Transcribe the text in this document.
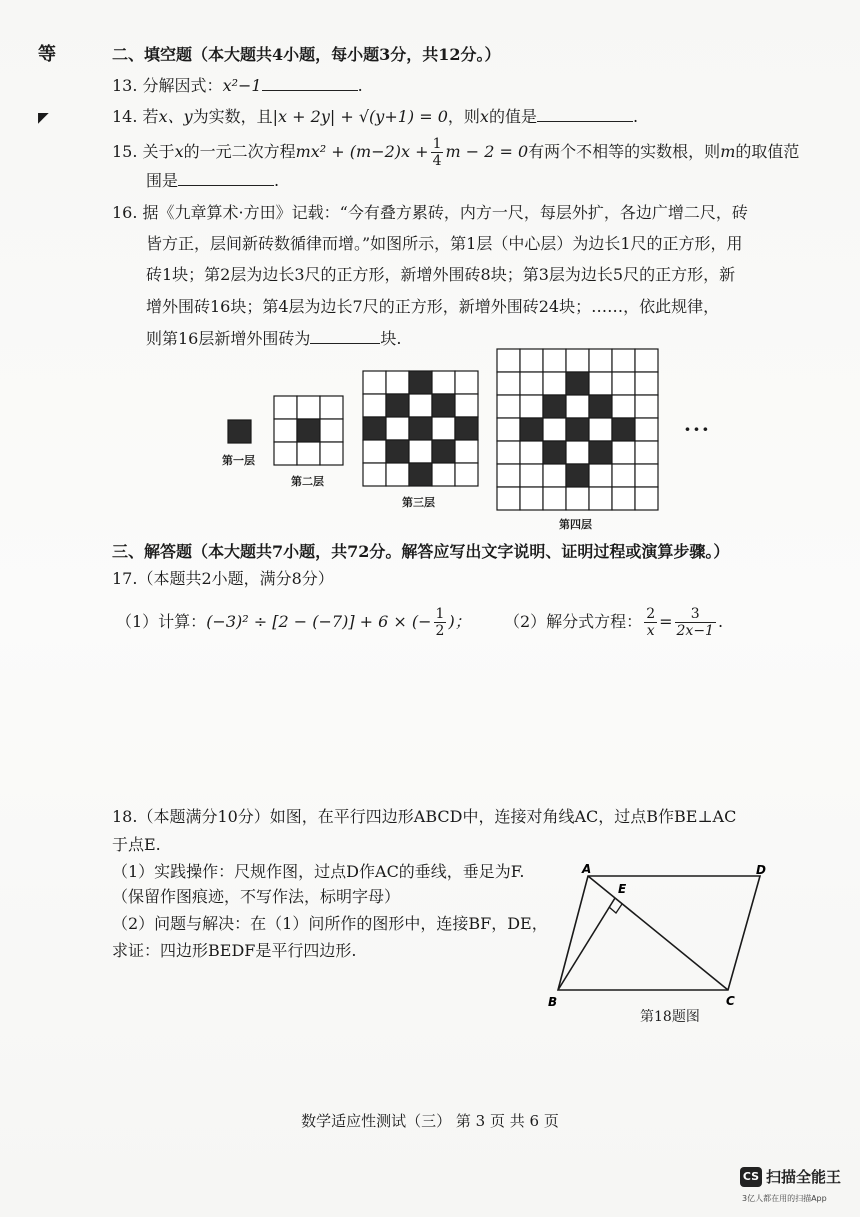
等
◤
二、填空题（本大题共4小题，每小题3分，共12分。）
13. 分解因式：x²−1	.
14. 若x、y为实数，且|x + 2y| + √(y+1) = 0，则x的值是	.
15. 关于x的一元二次方程$mx^2 + (m-2)x + \frac{1}{4}$ m − 2 = 0有两个不相等的实数根，则m的取值范
围是	.
16. 据《九章算术·方田》记载：“今有叠方累砖，内方一尺，每层外扩，各边广增二尺，砖
皆方正，层间新砖数循律而增。”如图所示，第1层（中心层）为边长1尺的正方形，用
砖1块；第2层为边长3尺的正方形，新增外围砖8块；第3层为边长5尺的正方形，新
增外围砖16块；第4层为边长7尺的正方形，新增外围砖24块；……，依此规律，
则第16层新增外围砖为	块.
第一层
第二层
第三层
第四层
···
三、解答题（本大题共7小题，共72分。解答应写出文字说明、证明过程或演算步骤。）
17.（本题共2小题，满分8分）
（1）计算：(−3)² ÷ [2 − (−7)] + 6 × (− $\frac{1}{2}$ )； （2）解分式方程： $\frac{2}{x} = \frac{3}{2x-1}$ .
18.（本题满分10分）如图，在平行四边形ABCD中，连接对角线AC，过点B作BE⊥AC
于点E.
（1）实践操作：尺规作图，过点D作AC的垂线，垂足为F.
（保留作图痕迹，不写作法，标明字母）
（2）问题与解决：在（1）问所作的图形中，连接BF，DE，
求证：四边形BEDF是平行四边形.
A	D
B	C
E
第18题图
数学适应性测试（三） 第 3 页 共 6 页
CS 扫描全能王
3亿人都在用的扫描App
